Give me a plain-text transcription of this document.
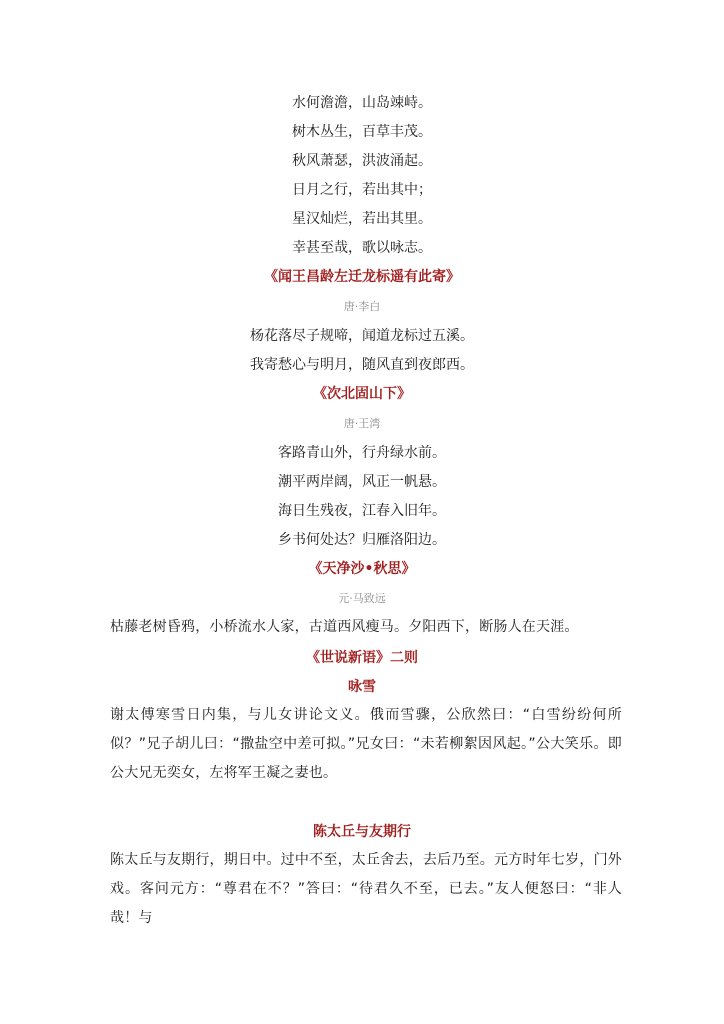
水何澹澹，山岛竦峙。
树木丛生，百草丰茂。
秋风萧瑟，洪波涌起。
日月之行，若出其中；
星汉灿烂，若出其里。
幸甚至哉，歌以咏志。
《闻王昌龄左迁龙标遥有此寄》
唐·李白
杨花落尽子规啼，闻道龙标过五溪。
我寄愁心与明月，随风直到夜郎西。
《次北固山下》
唐·王湾
客路青山外，行舟绿水前。
潮平两岸阔，风正一帆悬。
海日生残夜，江春入旧年。
乡书何处达？归雁洛阳边。
《天净沙•秋思》
元·马致远
枯藤老树昏鸦，小桥流水人家，古道西风瘦马。夕阳西下，断肠人在天涯。
《世说新语》二则
咏雪
谢太傅寒雪日内集，与儿女讲论文义。俄而雪骤，公欣然曰：“白雪纷纷何所似？”兄子胡儿曰：“撒盐空中差可拟。”兄女曰：“未若柳絮因风起。”公大笑乐。即公大兄无奕女，左将军王凝之妻也。
陈太丘与友期行
陈太丘与友期行，期日中。过中不至，太丘舍去，去后乃至。元方时年七岁，门外戏。客问元方：“尊君在不？”答曰：“待君久不至，已去。”友人便怒曰：“非人哉！与
